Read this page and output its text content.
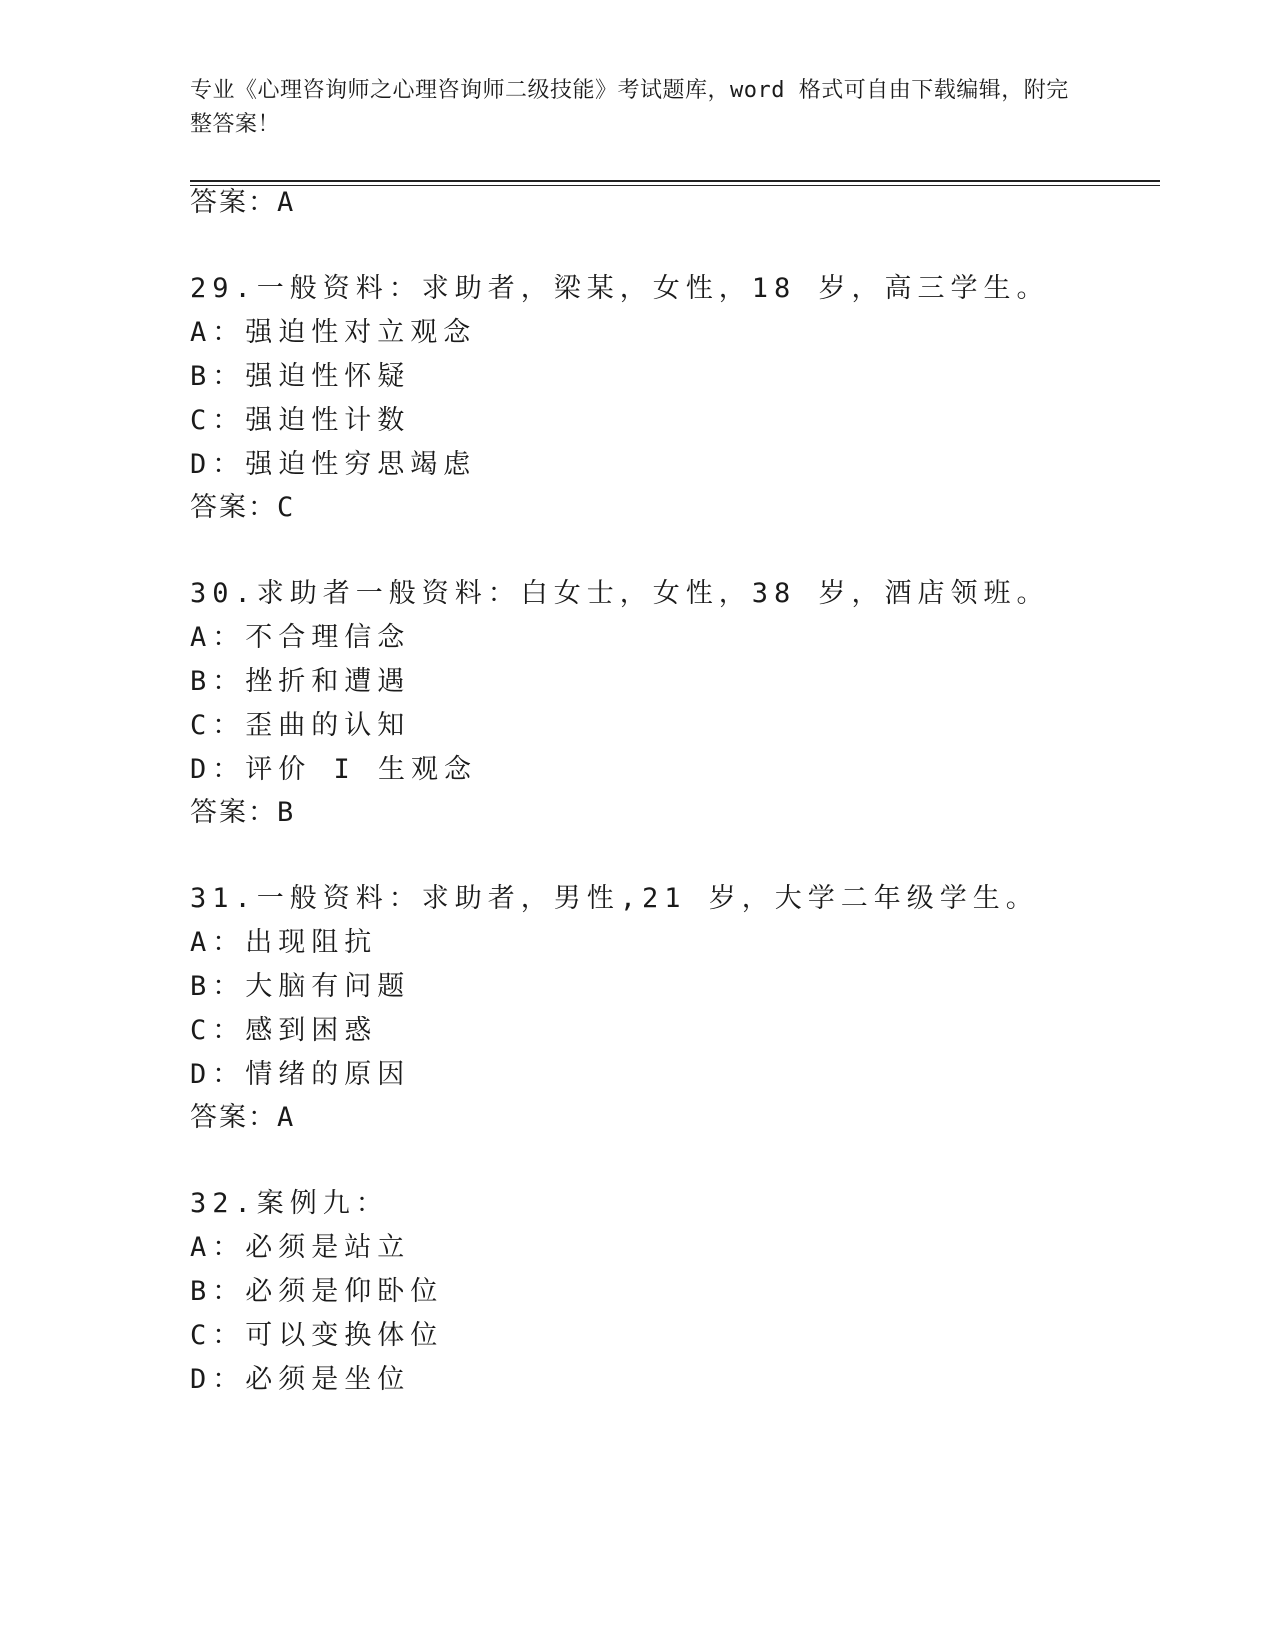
专业《心理咨询师之心理咨询师二级技能》考试题库，word 格式可自由下载编辑，附完整答案！
答案：A
29.一般资料：求助者，梁某，女性，18 岁，高三学生。
A：强迫性对立观念
B：强迫性怀疑
C：强迫性计数
D：强迫性穷思竭虑
答案：C
30.求助者一般资料：白女士，女性，38 岁，酒店领班。
A：不合理信念
B：挫折和遭遇
C：歪曲的认知
D：评价 I 生观念
答案：B
31.一般资料：求助者，男性,21 岁，大学二年级学生。
A：出现阻抗
B：大脑有问题
C：感到困惑
D：情绪的原因
答案：A
32.案例九：
A：必须是站立
B：必须是仰卧位
C：可以变换体位
D：必须是坐位
